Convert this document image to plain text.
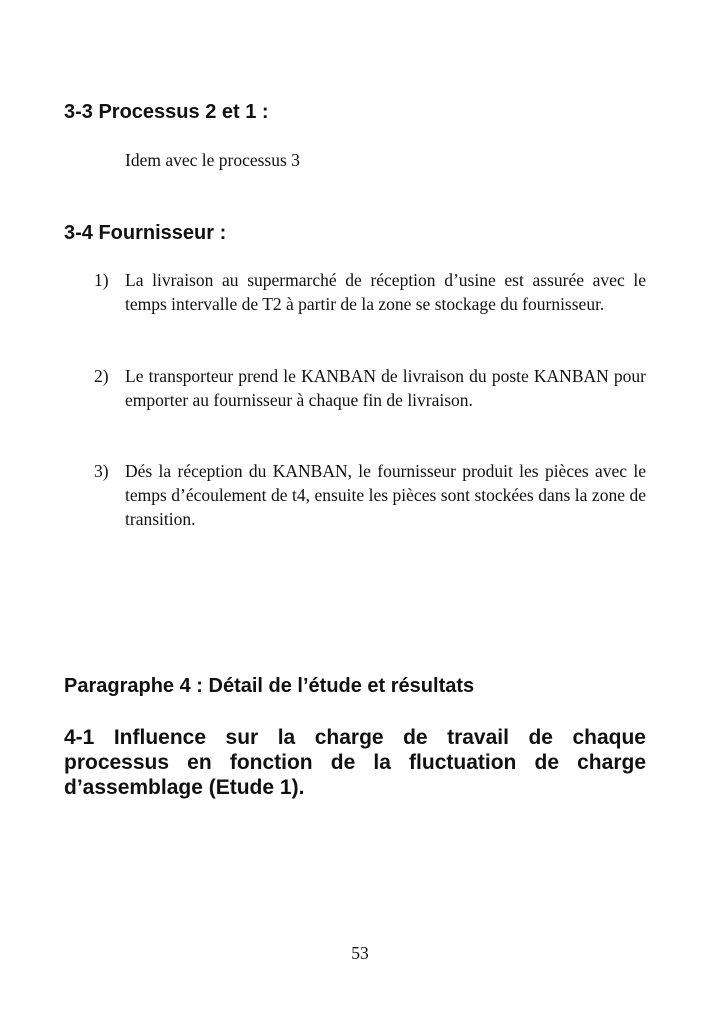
3-3 Processus 2 et 1 :

Idem avec le processus 3

3-4 Fournisseur :
1) La livraison au supermarché de réception d’usine est assurée avec le temps intervalle de T2 à partir de la zone se stockage du fournisseur.

2) Le transporteur prend le KANBAN de livraison du poste KANBAN pour emporter au fournisseur à chaque fin de livraison.

3) Dés la réception du KANBAN, le fournisseur produit les pièces avec le temps d’écoulement de t4, ensuite les pièces sont stockées dans la zone de transition.

Paragraphe 4 : Détail de l’étude et résultats
4-1 Influence sur la charge de travail de chaque processus en fonction de la fluctuation de charge d’assemblage (Etude 1).
53
